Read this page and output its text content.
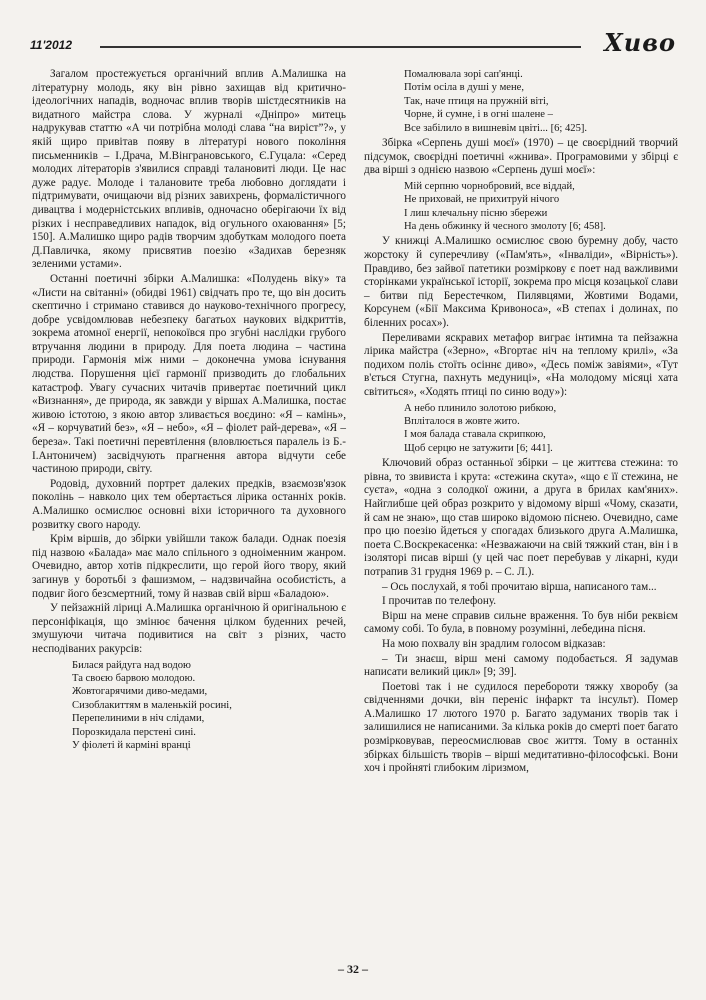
11'2012	Хиво

Загалом простежується органічний вплив А.Малишка на літературну молодь, яку він рівно захищав від критично-ідеологічних нападів, водночас вплив творів шістдесятників на видатного майстра слова. У журналі «Дніпро» митець надрукував статтю «А чи потрібна молоді слава “на виріст”?», у якій щиро привітав появу в літературі нового покоління письменників – І.Драча, М.Вінграновського, Є.Гуцала: «Серед молодих літераторів з'явилися справді талановиті люди. Це нас дуже радує. Молоде і талановите треба любовно доглядати і підтримувати, очищаючи від різних завихрень, формалістичного дивацтва і модерністських впливів, одночасно оберігаючи їх від різких і несправедливих нападок, від огульного охаювання» [5; 150]. А.Малишко щиро радів творчим здобуткам молодого поета Д.Павличка, якому присвятив поезію «Задихав березняк зеленими устами».

Останні поетичні збірки А.Малишка: «Полудень віку» та «Листи на світанні» (обидві 1961) свідчать про те, що він досить скептично і стримано ставився до науково-технічного прогресу, добре усвідомлював небезпеку багатьох наукових відкриттів, зокрема атомної енергії, непокоївся про згубні наслідки грубого втручання людини в природу. Для поета людина – частина природи. Гармонія між ними – доконечна умова існування людства. Порушення цієї гармонії призводить до глобальних катастроф. Увагу сучасних читачів привертає поетичний цикл «Визнання», де природа, як завжди у віршах А.Малишка, постає живою істотою, з якою автор зливається воєдино: «Я – камінь», «Я – корчуватий без», «Я – небо», «Я – фіолет рай-дерева», «Я – береза». Такі поетичні перевтілення (вловлюється паралель із Б.-І.Антоничем) засвідчують прагнення автора відчути себе частиною природи, світу.

Родовід, духовний портрет далеких предків, взаємозв'язок поколінь – навколо цих тем обертається лірика останніх років. А.Малишко осмислює основні віхи історичного та духовного розвитку свого народу.

Крім віршів, до збірки увійшли також балади. Однак поезія під назвою «Балада» має мало спільного з одноіменним жанром. Очевидно, автор хотів підкреслити, що герой його твору, який загинув у боротьбі з фашизмом, – надзвичайна особистість, а подвиг його безсмертний, тому й назвав свій вірш «Баладою».

У пейзажній ліриці А.Малишка органічною й оригінальною є персоніфікація, що змінює бачення цілком буденних речей, змушуючи читача подивитися на світ з різних, часто несподіваних ракурсів:

Билася райдуга над водою
Та своєю барвою молодою.
Жовтогарячими диво-медами,
Сизоблакиттям в маленькій росині,
Перепелиними в ніч слідами,
Порозкидала перстені сині.
У фіолеті й карміні вранці
Помалювала зорі сап'янці.
Потім осіла в душі у мене,
Так, наче птиця на пружній віті,
Чорне, й сумне, і в огні шалене –
Все забілило в вишневім цвіті... [6; 425].

Збірка «Серпень душі моєї» (1970) – це своєрідний творчий підсумок, своєрідні поетичні «жнива». Програмовими у збірці є два вірші з однією назвою «Серпень душі моєї»:

Мій серпню чорнобровий, все віддай,
Не приховай, не прихитруй нічого
І лиш клечальну пісню збережи
На день обжинку й чесного змолоту [6; 458].

У книжці А.Малишко осмислює свою буремну добу, часто жорстоку й суперечливу («Пам'ять», «Інваліди», «Вірність»). Правдиво, без зайвої патетики розміркову є поет над важливими сторінками української історії, зокрема про місця козацької слави – битви під Берестечком, Пилявцями, Жовтими Водами, Корсунем («Бії Максима Кривоноса», «В степах і долинах, по біленних росах»).

Переливами яскравих метафор виграє інтимна та пейзажна лірика майстра («Зерно», «Вгортає ніч на теплому крилі», «За подихом поліь стоїть осіннє диво», «Десь поміж завіями», «Тут в'ється Стугна, пахнуть медуниці», «На молодому місяці хата світиться», «Ходять птиці по синю воду»):

А небо плинило золотою рибкою,
Вплiталося в жовте жито.
І моя балада ставала скрипкою,
Щоб серцю не затужити [6; 441].

Ключовий образ останньої збірки – це життєва стежина: то рівна, то звивиста і крута: «стежина скута», «що є її стежина, не суєта», «одна з солодкої ожини, а друга в брилах кам'яних». Найглибше цей образ розкрито у відомому вірші «Чому, сказати, й сам не знаю», що став широко відомою піснею. Очевидно, саме про цю поезію йдеться у спогадах близького друга А.Малишка, поета С.Воскрекасенка: «Незважаючи на свій тяжкий стан, він і в ізоляторі писав вірші (у цей час поет перебував у лікарні, куди потрапив 31 грудня 1969 р. – С. Л.).

– Ось послухай, я тобі прочитаю вірша, написаного там...

І прочитав по телефону.

Вірш на мене справив сильне враження. То був ніби реквієм самому собі. То була, в повному розумінні, лебедина пісня.

На мою похвалу він зрадлим голосом відказав:

– Ти знаєш, вірш мені самому подобається. Я задумав написати великий цикл» [9; 39].

Поетові так і не судилося перебороти тяжку хворобу (за свідченнями дочки, він переніс інфаркт та інсульт). Помер А.Малишко 17 лютого 1970 р. Багато задуманих творів так і залишилися не написаними. За кілька років до смерті поет багато розмірковував, переосмислював своє життя. Тому в останніх збірках більшість творів – вірші медитативно-філософські. Вони хоч і пройняті глибоким ліризмом,

– 32 –
